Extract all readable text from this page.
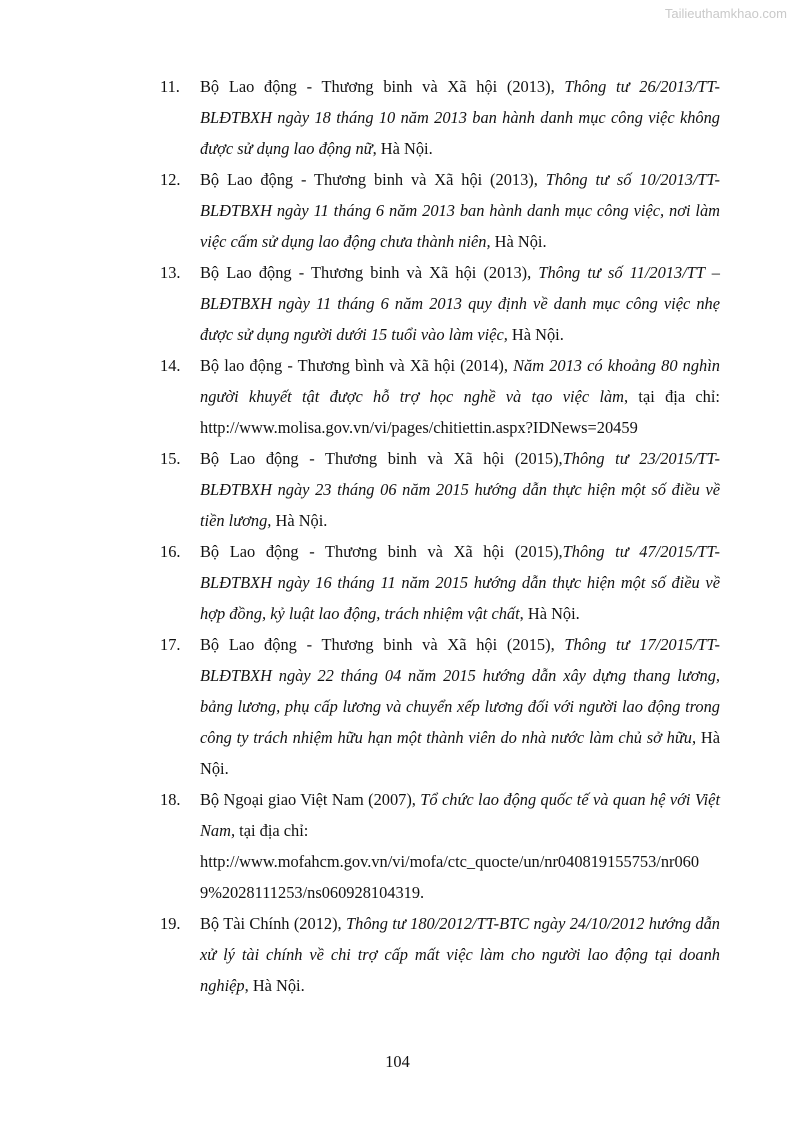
Tailieuthamkhao.com
11. Bộ Lao động - Thương binh và Xã hội (2013), Thông tư 26/2013/TT-BLĐTBXH ngày 18 tháng 10 năm 2013 ban hành danh mục công việc không được sử dụng lao động nữ, Hà Nội.
12. Bộ Lao động - Thương binh và Xã hội (2013), Thông tư số 10/2013/TT-BLĐTBXH ngày 11 tháng 6 năm 2013 ban hành danh mục công việc, nơi làm việc cấm sử dụng lao động chưa thành niên, Hà Nội.
13. Bộ Lao động - Thương binh và Xã hội (2013), Thông tư số 11/2013/TT – BLĐTBXH ngày 11 tháng 6 năm 2013 quy định về danh mục công việc nhẹ được sử dụng người dưới 15 tuổi vào làm việc, Hà Nội.
14. Bộ lao động - Thương bình và Xã hội (2014), Năm 2013 có khoảng 80 nghìn người khuyết tật được hỗ trợ học nghề và tạo việc làm, tại địa chỉ: http://www.molisa.gov.vn/vi/pages/chitiettin.aspx?IDNews=20459
15. Bộ Lao động - Thương binh và Xã hội (2015),Thông tư 23/2015/TT-BLĐTBXH ngày 23 tháng 06 năm 2015 hướng dẫn thực hiện một số điều về tiền lương, Hà Nội.
16. Bộ Lao động - Thương binh và Xã hội (2015),Thông tư 47/2015/TT-BLĐTBXH ngày 16 tháng 11 năm 2015 hướng dẫn thực hiện một số điều về hợp đồng, kỷ luật lao động, trách nhiệm vật chất, Hà Nội.
17. Bộ Lao động - Thương binh và Xã hội (2015), Thông tư 17/2015/TT-BLĐTBXH ngày 22 tháng 04 năm 2015 hướng dẫn xây dựng thang lương, bảng lương, phụ cấp lương và chuyển xếp lương đối với người lao động trong công ty trách nhiệm hữu hạn một thành viên do nhà nước làm chủ sở hữu, Hà Nội.
18. Bộ Ngoại giao Việt Nam (2007), Tổ chức lao động quốc tế và quan hệ với Việt Nam, tại địa chỉ:
http://www.mofahcm.gov.vn/vi/mofa/ctc_quocte/un/nr040819155753/nr0609%2028111253/ns060928104319.
19. Bộ Tài Chính (2012), Thông tư 180/2012/TT-BTC ngày 24/10/2012 hướng dẫn xử lý tài chính về chi trợ cấp mất việc làm cho người lao động tại doanh nghiệp, Hà Nội.
104
